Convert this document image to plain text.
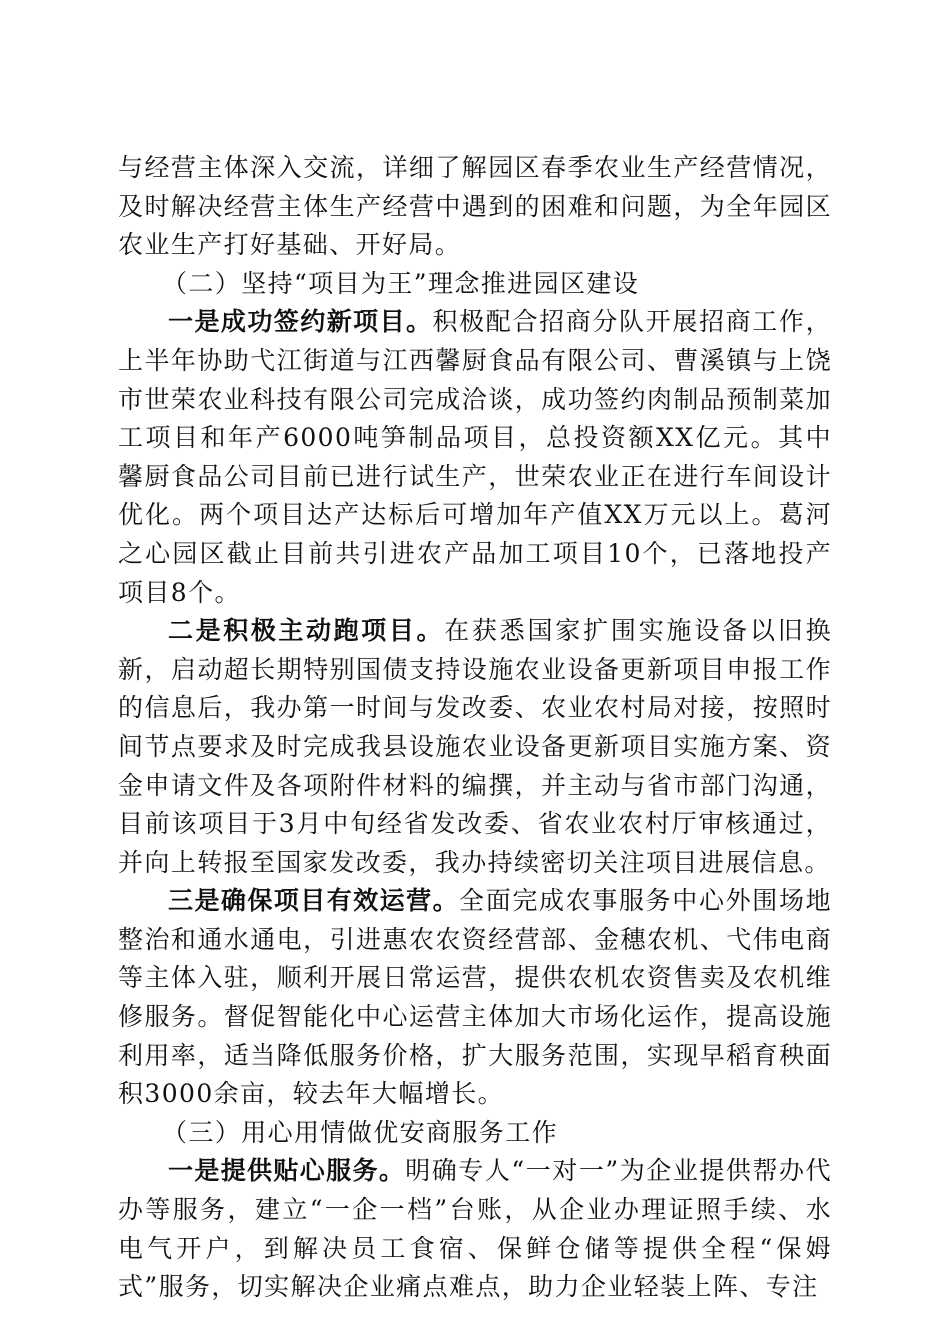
与经营主体深入交流，详细了解园区春季农业生产经营情况，及时解决经营主体生产经营中遇到的困难和问题，为全年园区农业生产打好基础、开好局。

（二）坚持“项目为王”理念推进园区建设

一是成功签约新项目。积极配合招商分队开展招商工作，上半年协助弋江街道与江西馨厨食品有限公司、曹溪镇与上饶市世荣农业科技有限公司完成洽谈，成功签约肉制品预制菜加工项目和年产6000吨笋制品项目，总投资额XX亿元。其中馨厨食品公司目前已进行试生产，世荣农业正在进行车间设计优化。两个项目达产达标后可增加年产值XX万元以上。葛河之心园区截止目前共引进农产品加工项目10个，已落地投产项目8个。

二是积极主动跑项目。在获悉国家扩围实施设备以旧换新，启动超长期特别国债支持设施农业设备更新项目申报工作的信息后，我办第一时间与发改委、农业农村局对接，按照时间节点要求及时完成我县设施农业设备更新项目实施方案、资金申请文件及各项附件材料的编撰，并主动与省市部门沟通，目前该项目于3月中旬经省发改委、省农业农村厅审核通过，并向上转报至国家发改委，我办持续密切关注项目进展信息。

三是确保项目有效运营。全面完成农事服务中心外围场地整治和通水通电，引进惠农农资经营部、金穗农机、弋伟电商等主体入驻，顺利开展日常运营，提供农机农资售卖及农机维修服务。督促智能化中心运营主体加大市场化运作，提高设施利用率，适当降低服务价格，扩大服务范围，实现早稻育秧面积3000余亩，较去年大幅增长。

（三）用心用情做优安商服务工作

一是提供贴心服务。明确专人“一对一”为企业提供帮办代办等服务，建立“一企一档”台账，从企业办理证照手续、水电气开户，到解决员工食宿、保鲜仓储等提供全程“保姆式”服务，切实解决企业痛点难点，助力企业轻装上阵、专注
